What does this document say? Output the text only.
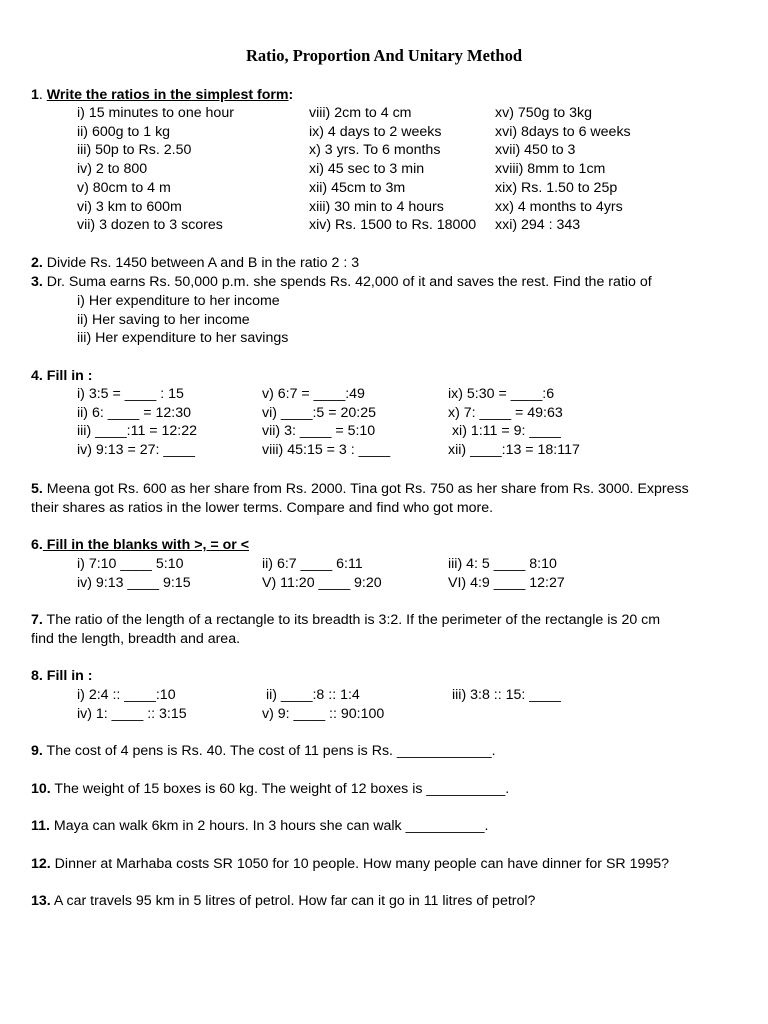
Ratio, Proportion And Unitary Method
1. Write the ratios in the simplest form:
i) 15 minutes to one hour
ii) 600g to 1 kg
iii) 50p to Rs. 2.50
iv) 2 to 800
v) 80cm to 4 m
vi) 3 km to 600m
vii) 3 dozen to 3 scores
viii) 2cm to 4 cm
ix) 4 days to 2 weeks
x) 3 yrs. To 6 months
xi) 45 sec to 3 min
xii) 45cm to 3m
xiii) 30 min to 4 hours
xiv) Rs. 1500 to Rs. 18000
xv) 750g to 3kg
xvi) 8days to 6 weeks
xvii) 450 to 3
xviii) 8mm to 1cm
xix) Rs. 1.50 to 25p
xx) 4 months to 4yrs
xxi) 294 : 343
2. Divide Rs. 1450 between A and B in the ratio 2 : 3
3. Dr. Suma earns Rs. 50,000 p.m. she spends Rs. 42,000 of it and saves the rest. Find the ratio of
i) Her expenditure to her income
ii) Her saving to her income
iii) Her expenditure to her savings
4. Fill in :
i) 3:5 = ____ : 15
ii) 6: ____ = 12:30
iii) ____:11 = 12:22
iv) 9:13 = 27: ____
v) 6:7 = ____:49
vi) ____:5 = 20:25
vii) 3: ____ = 5:10
viii) 45:15 = 3 : ____
ix) 5:30 = ____:6
x) 7: ____ = 49:63
xi) 1:11 = 9: ____
xii) ____:13 = 18:117
5. Meena got Rs. 600 as her share from Rs. 2000. Tina got Rs. 750 as her share from Rs. 3000. Express
their shares as ratios in the lower terms. Compare and find who got more.
6. Fill in the blanks with >, = or <
i) 7:10 ____ 5:10
iv) 9:13 ____ 9:15
ii) 6:7 ____ 6:11
V) 11:20 ____ 9:20
iii) 4: 5 ____ 8:10
VI) 4:9 ____ 12:27
7. The ratio of the length of a rectangle to its breadth is 3:2. If the perimeter of the rectangle is 20 cm
find the length, breadth and area.
8. Fill in :
i) 2:4 :: ____:10
iv) 1: ____ :: 3:15
ii) ____:8 :: 1:4
v) 9: ____ :: 90:100
iii) 3:8 :: 15: ____
9. The cost of 4 pens is Rs. 40. The cost of 11 pens is Rs. ____________.
10. The weight of 15 boxes is 60 kg. The weight of 12 boxes is __________.
11. Maya can walk 6km in 2 hours. In 3 hours she can walk __________.
12. Dinner at Marhaba costs SR 1050 for 10 people. How many people can have dinner for SR 1995?
13. A car travels 95 km in 5 litres of petrol. How far can it go in 11 litres of petrol?
